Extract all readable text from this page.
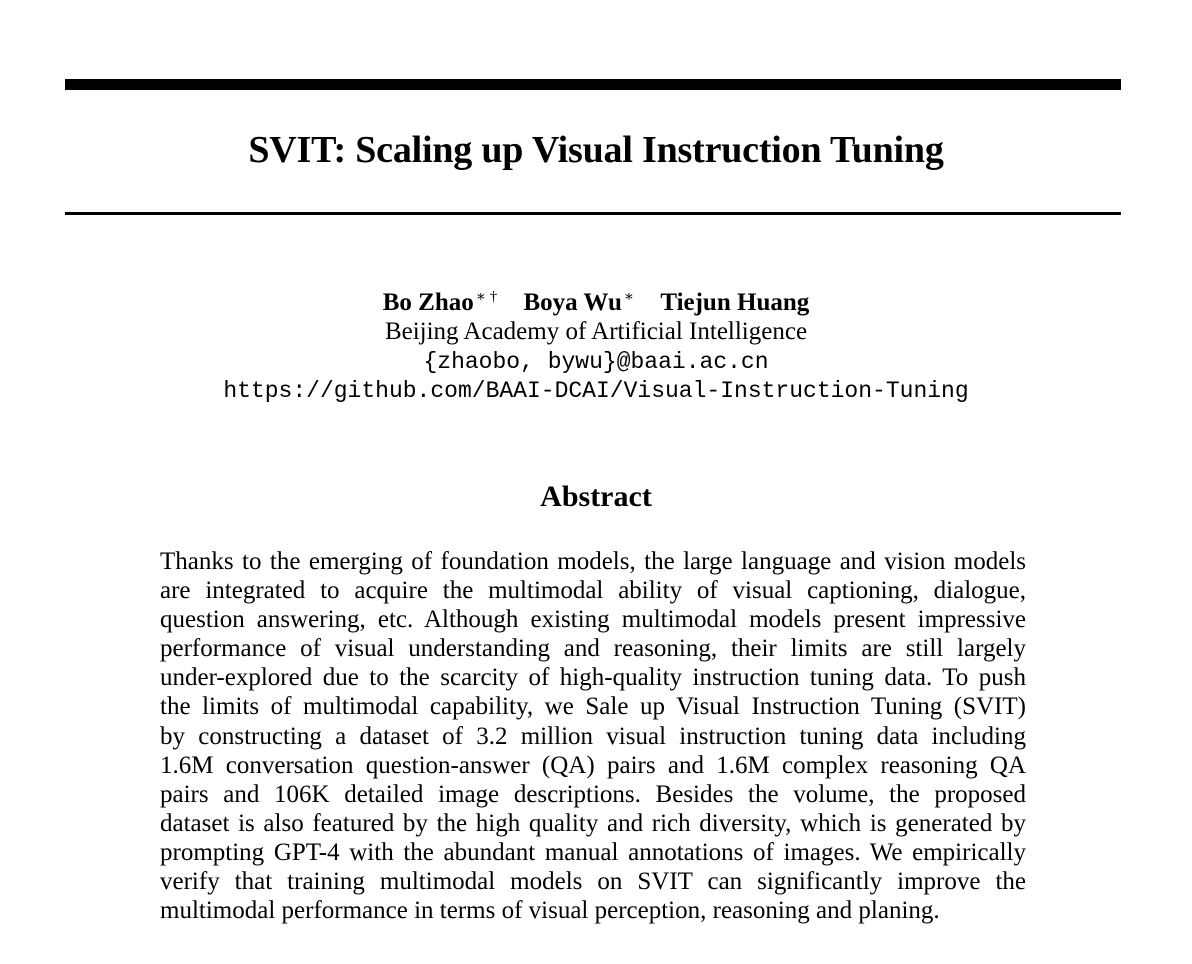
SVIT: Scaling up Visual Instruction Tuning
Bo Zhao ∗ † Boya Wu ∗ Tiejun Huang
Beijing Academy of Artificial Intelligence
{zhaobo, bywu}@baai.ac.cn
https://github.com/BAAI-DCAI/Visual-Instruction-Tuning
Abstract
Thanks to the emerging of foundation models, the large language and vision models
are integrated to acquire the multimodal ability of visual captioning, dialogue,
question answering, etc. Although existing multimodal models present impressive
performance of visual understanding and reasoning, their limits are still largely
under-explored due to the scarcity of high-quality instruction tuning data. To push
the limits of multimodal capability, we Sale up Visual Instruction Tuning (SVIT)
by constructing a dataset of 3.2 million visual instruction tuning data including
1.6M conversation question-answer (QA) pairs and 1.6M complex reasoning QA
pairs and 106K detailed image descriptions. Besides the volume, the proposed
dataset is also featured by the high quality and rich diversity, which is generated by
prompting GPT-4 with the abundant manual annotations of images. We empirically
verify that training multimodal models on SVIT can significantly improve the
multimodal performance in terms of visual perception, reasoning and planing.
